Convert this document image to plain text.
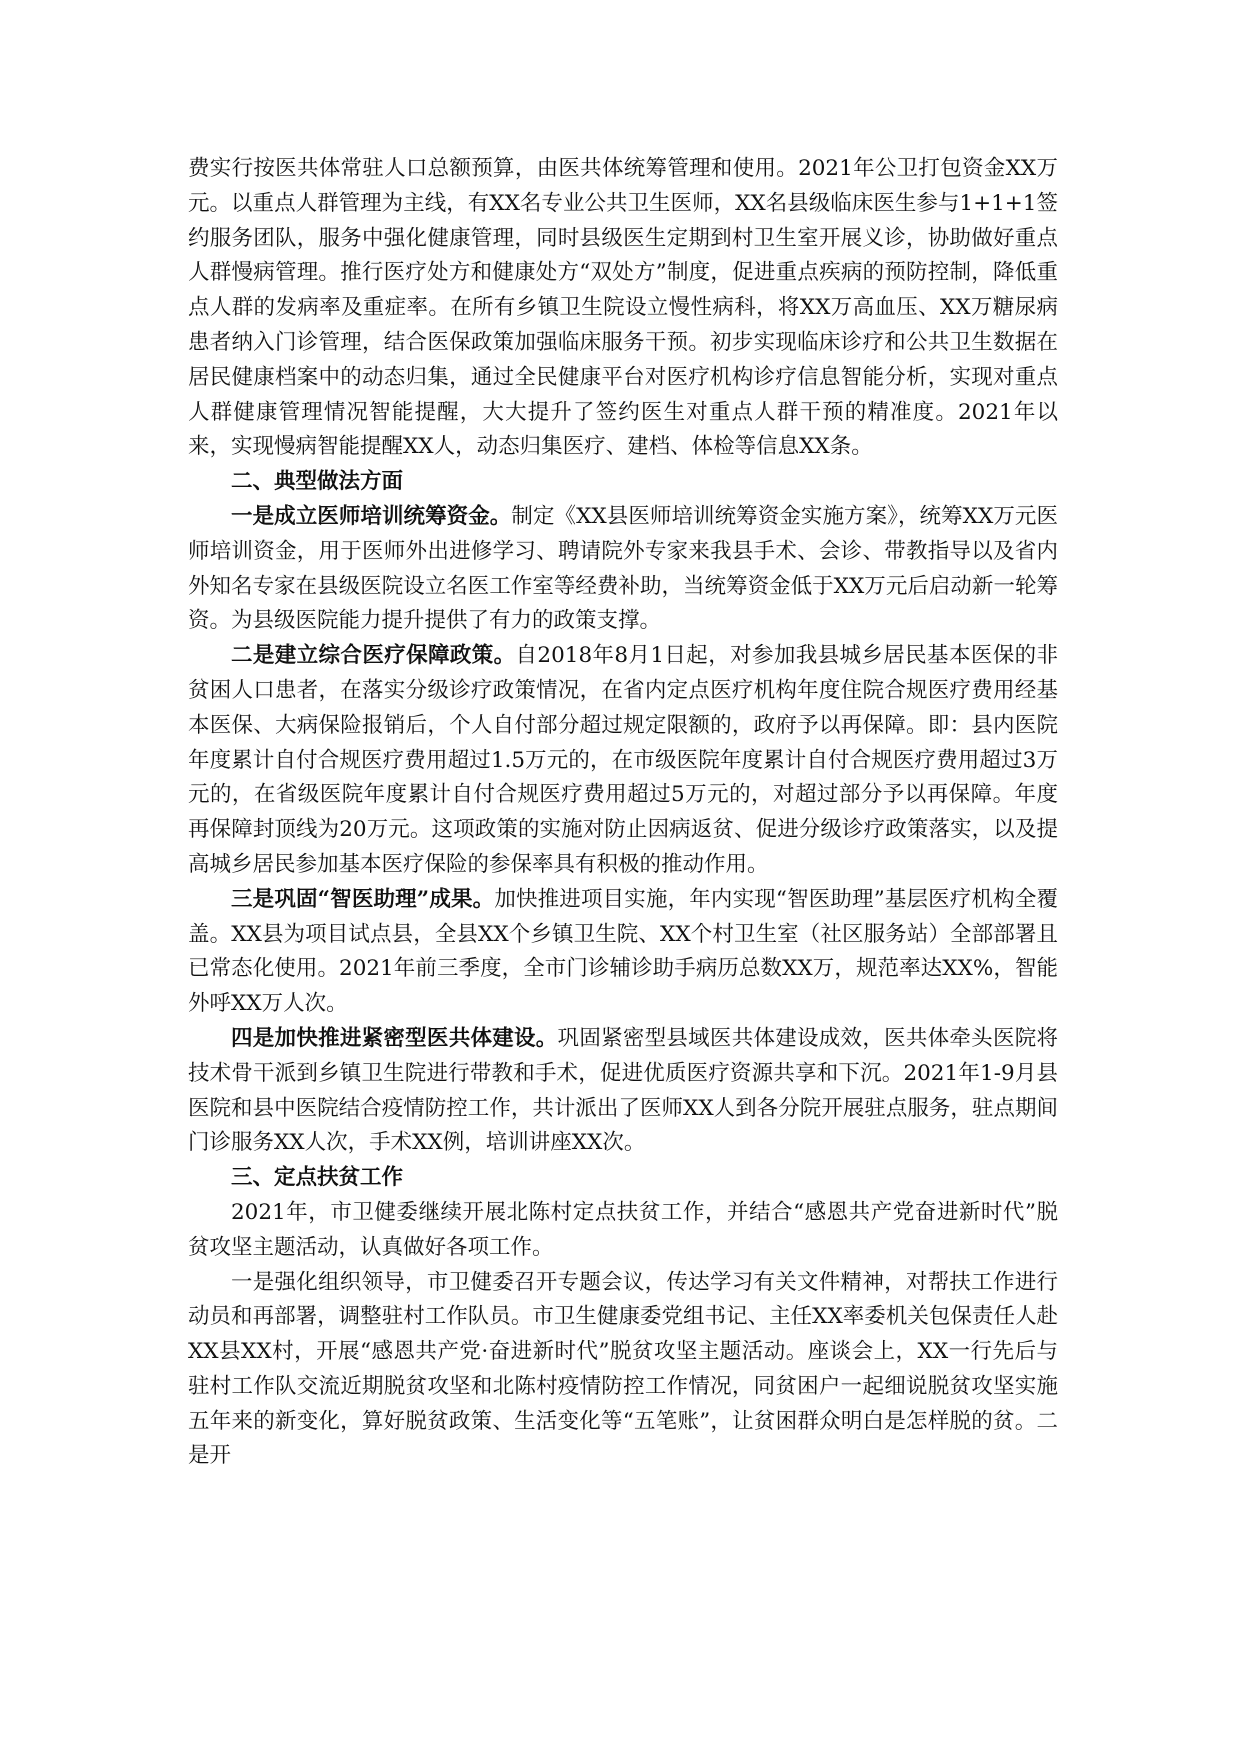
费实行按医共体常驻人口总额预算，由医共体统筹管理和使用。2021年公卫打包资金XX万元。以重点人群管理为主线，有XX名专业公共卫生医师，XX名县级临床医生参与1+1+1签约服务团队，服务中强化健康管理，同时县级医生定期到村卫生室开展义诊，协助做好重点人群慢病管理。推行医疗处方和健康处方“双处方”制度，促进重点疾病的预防控制，降低重点人群的发病率及重症率。在所有乡镇卫生院设立慢性病科，将XX万高血压、XX万糖尿病患者纳入门诊管理，结合医保政策加强临床服务干预。初步实现临床诊疗和公共卫生数据在居民健康档案中的动态归集，通过全民健康平台对医疗机构诊疗信息智能分析，实现对重点人群健康管理情况智能提醒，大大提升了签约医生对重点人群干预的精准度。2021年以来，实现慢病智能提醒XX人，动态归集医疗、建档、体检等信息XX条。

二、典型做法方面

一是成立医师培训统筹资金。制定《XX县医师培训统筹资金实施方案》，统筹XX万元医师培训资金，用于医师外出进修学习、聘请院外专家来我县手术、会诊、带教指导以及省内外知名专家在县级医院设立名医工作室等经费补助，当统筹资金低于XX万元后启动新一轮筹资。为县级医院能力提升提供了有力的政策支撑。

二是建立综合医疗保障政策。自2018年8月1日起，对参加我县城乡居民基本医保的非贫困人口患者，在落实分级诊疗政策情况，在省内定点医疗机构年度住院合规医疗费用经基本医保、大病保险报销后，个人自付部分超过规定限额的，政府予以再保障。即：县内医院年度累计自付合规医疗费用超过1.5万元的，在市级医院年度累计自付合规医疗费用超过3万元的，在省级医院年度累计自付合规医疗费用超过5万元的，对超过部分予以再保障。年度再保障封顶线为20万元。这项政策的实施对防止因病返贫、促进分级诊疗政策落实，以及提高城乡居民参加基本医疗保险的参保率具有积极的推动作用。

三是巩固“智医助理”成果。加快推进项目实施，年内实现“智医助理”基层医疗机构全覆盖。XX县为项目试点县，全县XX个乡镇卫生院、XX个村卫生室（社区服务站）全部部署且已常态化使用。2021年前三季度，全市门诊辅诊助手病历总数XX万，规范率达XX%，智能外呼XX万人次。

四是加快推进紧密型医共体建设。巩固紧密型县域医共体建设成效，医共体牵头医院将技术骨干派到乡镇卫生院进行带教和手术，促进优质医疗资源共享和下沉。2021年1-9月县医院和县中医院结合疫情防控工作，共计派出了医师XX人到各分院开展驻点服务，驻点期间门诊服务XX人次，手术XX例，培训讲座XX次。

三、定点扶贫工作

2021年，市卫健委继续开展北陈村定点扶贫工作，并结合“感恩共产党奋进新时代”脱贫攻坚主题活动，认真做好各项工作。

一是强化组织领导，市卫健委召开专题会议，传达学习有关文件精神，对帮扶工作进行动员和再部署，调整驻村工作队员。市卫生健康委党组书记、主任XX率委机关包保责任人赴XX县XX村，开展“感恩共产党·奋进新时代”脱贫攻坚主题活动。座谈会上，XX一行先后与驻村工作队交流近期脱贫攻坚和北陈村疫情防控工作情况，同贫困户一起细说脱贫攻坚实施五年来的新变化，算好脱贫政策、生活变化等“五笔账”，让贫困群众明白是怎样脱的贫。二是开
